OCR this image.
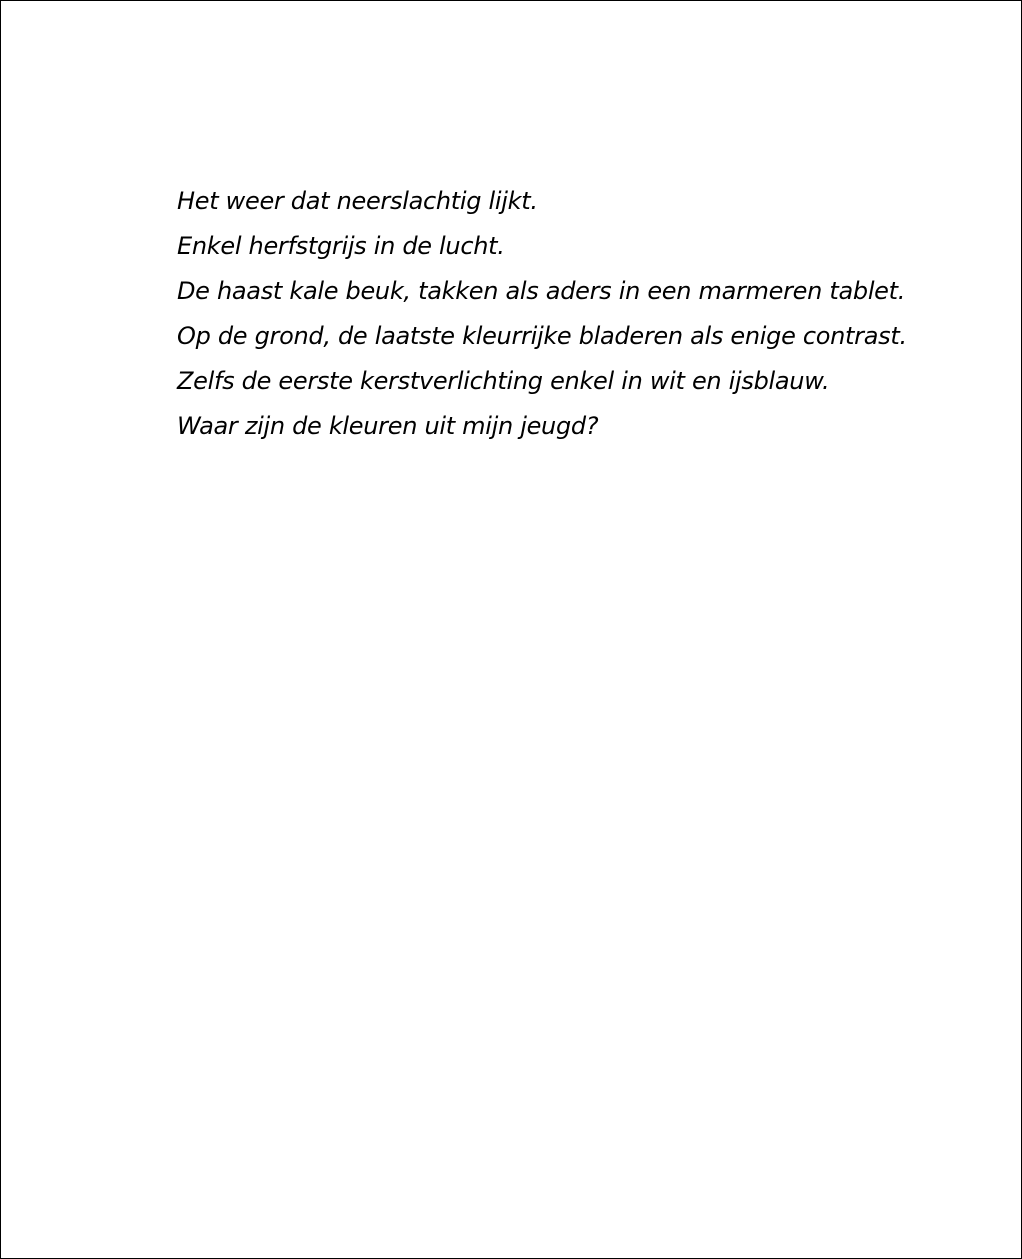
Het weer dat neerslachtig lijkt.
Enkel herfstgrijs in de lucht.
De haast kale beuk, takken als aders in een marmeren tablet.
Op de grond, de laatste kleurrijke bladeren als enige contrast.
Zelfs de eerste kerstverlichting enkel in wit en ijsblauw.
Waar zijn de kleuren uit mijn jeugd?
